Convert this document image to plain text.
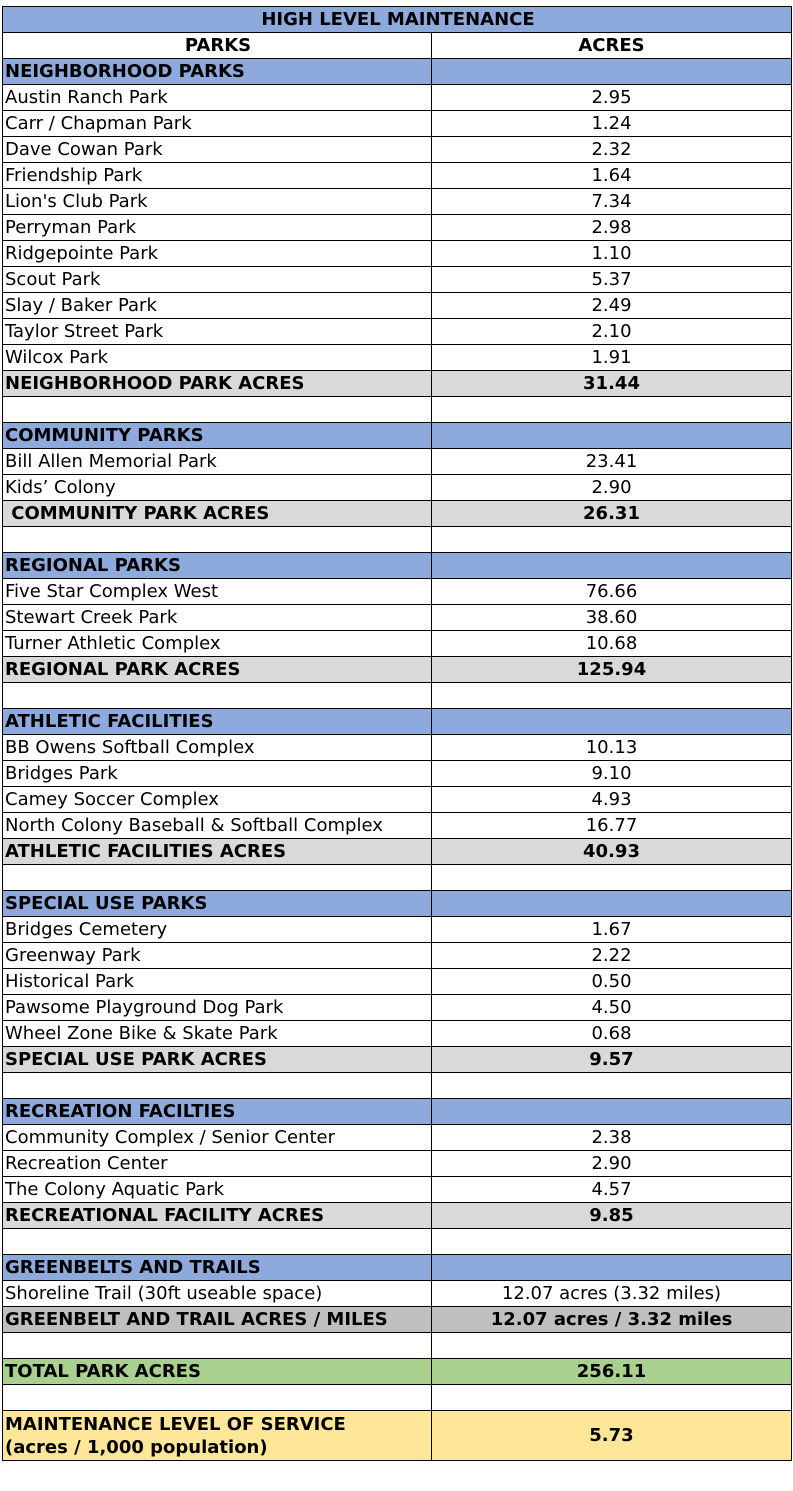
HIGH LEVEL MAINTENANCE	
PARKS	ACRES
NEIGHBORHOOD PARKS	
Austin Ranch Park	2.95
Carr / Chapman Park	1.24
Dave Cowan Park	2.32
Friendship Park	1.64
Lion's Club Park	7.34
Perryman Park	2.98
Ridgepointe Park	1.10
Scout Park	5.37
Slay / Baker Park	2.49
Taylor Street Park	2.10
Wilcox Park	1.91
NEIGHBORHOOD PARK ACRES	31.44

COMMUNITY PARKS	
Bill Allen Memorial Park	23.41
Kids’ Colony	2.90
COMMUNITY PARK ACRES	26.31

REGIONAL PARKS	
Five Star Complex West	76.66
Stewart Creek Park	38.60
Turner Athletic Complex	10.68
REGIONAL PARK ACRES	125.94

ATHLETIC FACILITIES	
BB Owens Softball Complex	10.13
Bridges Park	9.10
Camey Soccer Complex	4.93
North Colony Baseball & Softball Complex	16.77
ATHLETIC FACILITIES ACRES	40.93

SPECIAL USE PARKS	
Bridges Cemetery	1.67
Greenway Park	2.22
Historical Park	0.50
Pawsome Playground Dog Park	4.50
Wheel Zone Bike & Skate Park	0.68
SPECIAL USE PARK ACRES	9.57

RECREATION FACILTIES	
Community Complex / Senior Center	2.38
Recreation Center	2.90
The Colony Aquatic Park	4.57
RECREATIONAL FACILITY ACRES	9.85

GREENBELTS AND TRAILS	
Shoreline Trail (30ft useable space)	12.07 acres (3.32 miles)
GREENBELT AND TRAIL ACRES / MILES	12.07 acres / 3.32 miles

TOTAL PARK ACRES	256.11

MAINTENANCE LEVEL OF SERVICE
(acres / 1,000 population)	5.73
